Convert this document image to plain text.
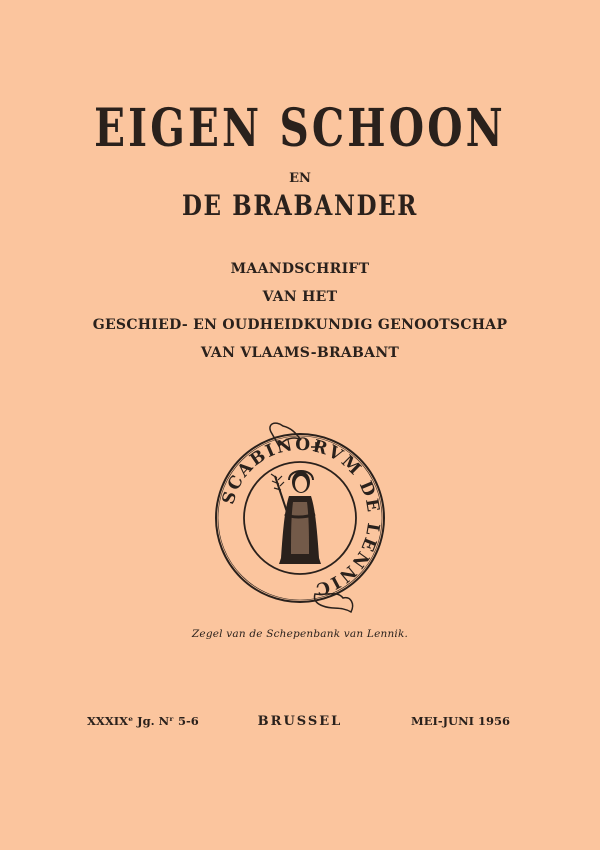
EIGEN SCHOON
EN
DE BRABANDER
MAANDSCHRIFT
VAN HET
GESCHIED- EN OUDHEIDKUNDIG GENOOTSCHAP
VAN VLAAMS-BRABANT
SCABINORVM DE LENNIC
Zegel van de Schepenbank van Lennik.
XXXIXᵉ Jg. Nʳ 5-6	BRUSSEL	MEI-JUNI 1956
